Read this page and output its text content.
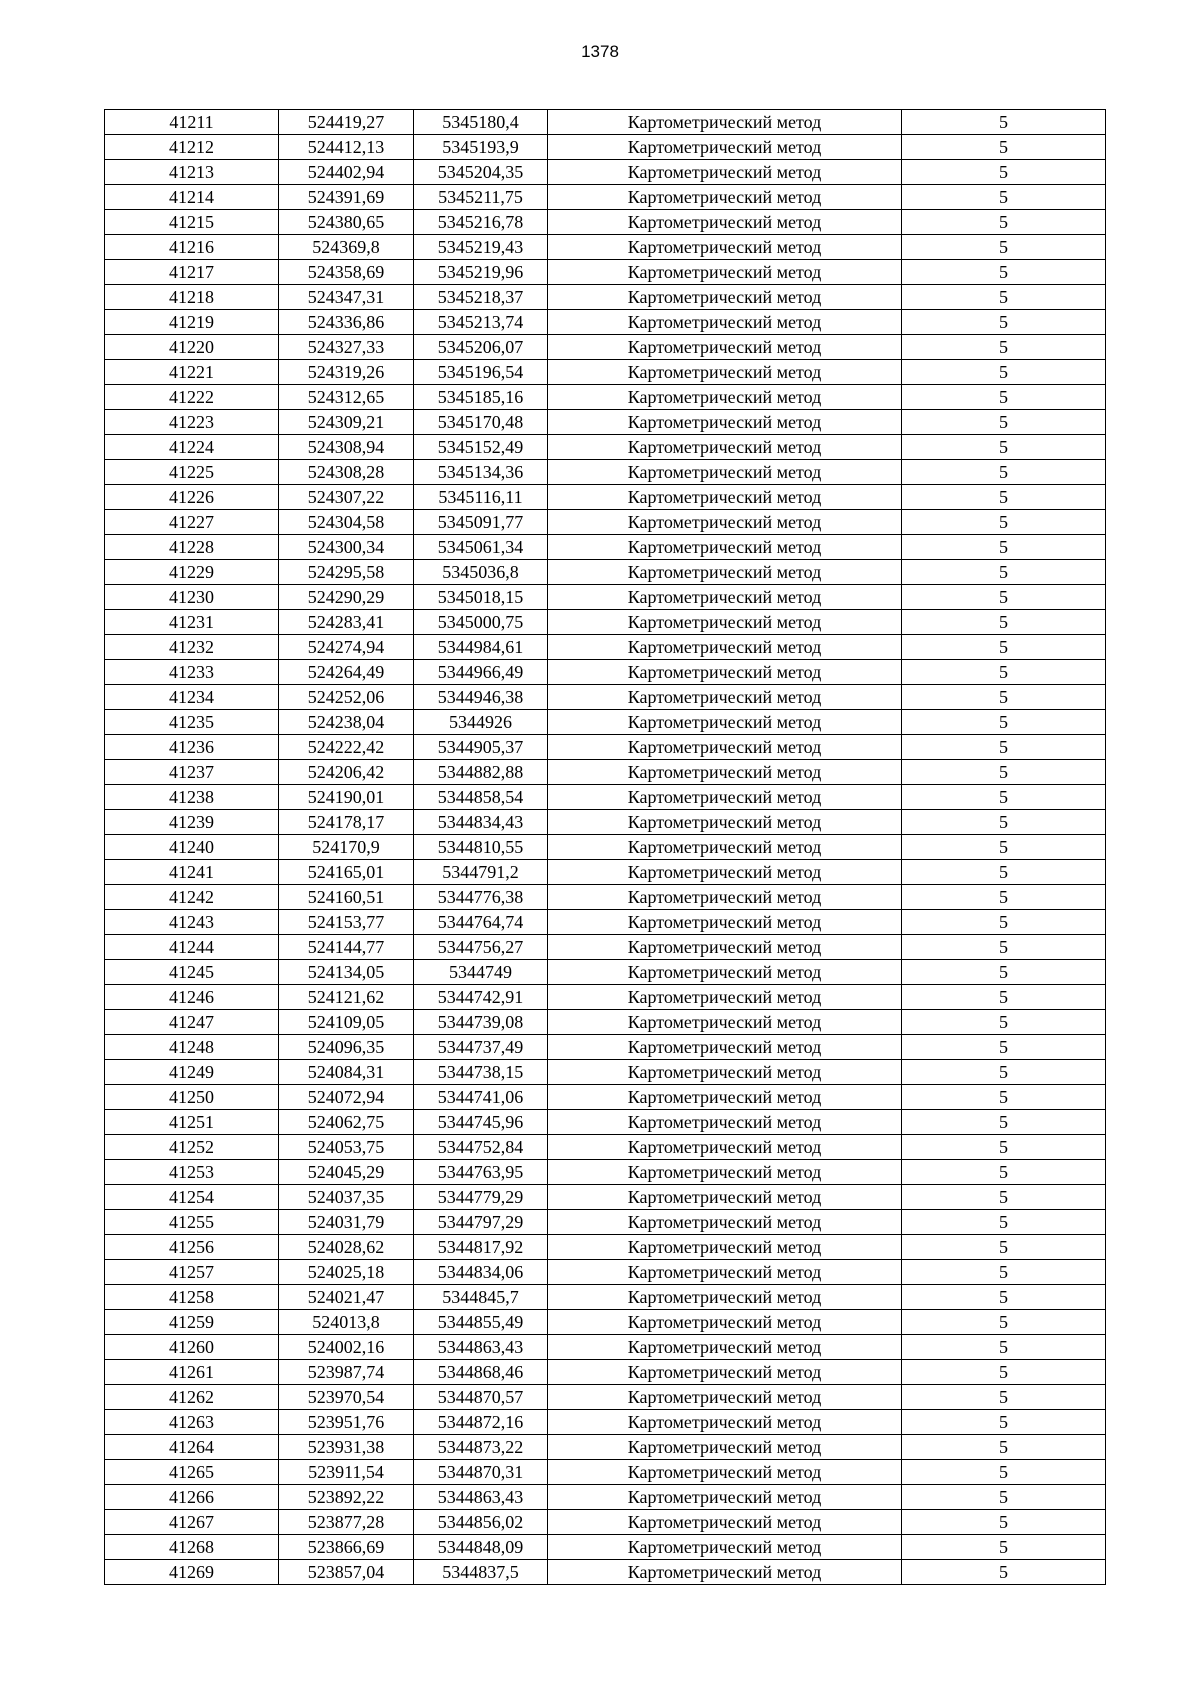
1378
41211	524419,27	5345180,4	Картометрический метод	5
41212	524412,13	5345193,9	Картометрический метод	5
41213	524402,94	5345204,35	Картометрический метод	5
41214	524391,69	5345211,75	Картометрический метод	5
41215	524380,65	5345216,78	Картометрический метод	5
41216	524369,8	5345219,43	Картометрический метод	5
41217	524358,69	5345219,96	Картометрический метод	5
41218	524347,31	5345218,37	Картометрический метод	5
41219	524336,86	5345213,74	Картометрический метод	5
41220	524327,33	5345206,07	Картометрический метод	5
41221	524319,26	5345196,54	Картометрический метод	5
41222	524312,65	5345185,16	Картометрический метод	5
41223	524309,21	5345170,48	Картометрический метод	5
41224	524308,94	5345152,49	Картометрический метод	5
41225	524308,28	5345134,36	Картометрический метод	5
41226	524307,22	5345116,11	Картометрический метод	5
41227	524304,58	5345091,77	Картометрический метод	5
41228	524300,34	5345061,34	Картометрический метод	5
41229	524295,58	5345036,8	Картометрический метод	5
41230	524290,29	5345018,15	Картометрический метод	5
41231	524283,41	5345000,75	Картометрический метод	5
41232	524274,94	5344984,61	Картометрический метод	5
41233	524264,49	5344966,49	Картометрический метод	5
41234	524252,06	5344946,38	Картометрический метод	5
41235	524238,04	5344926	Картометрический метод	5
41236	524222,42	5344905,37	Картометрический метод	5
41237	524206,42	5344882,88	Картометрический метод	5
41238	524190,01	5344858,54	Картометрический метод	5
41239	524178,17	5344834,43	Картометрический метод	5
41240	524170,9	5344810,55	Картометрический метод	5
41241	524165,01	5344791,2	Картометрический метод	5
41242	524160,51	5344776,38	Картометрический метод	5
41243	524153,77	5344764,74	Картометрический метод	5
41244	524144,77	5344756,27	Картометрический метод	5
41245	524134,05	5344749	Картометрический метод	5
41246	524121,62	5344742,91	Картометрический метод	5
41247	524109,05	5344739,08	Картометрический метод	5
41248	524096,35	5344737,49	Картометрический метод	5
41249	524084,31	5344738,15	Картометрический метод	5
41250	524072,94	5344741,06	Картометрический метод	5
41251	524062,75	5344745,96	Картометрический метод	5
41252	524053,75	5344752,84	Картометрический метод	5
41253	524045,29	5344763,95	Картометрический метод	5
41254	524037,35	5344779,29	Картометрический метод	5
41255	524031,79	5344797,29	Картометрический метод	5
41256	524028,62	5344817,92	Картометрический метод	5
41257	524025,18	5344834,06	Картометрический метод	5
41258	524021,47	5344845,7	Картометрический метод	5
41259	524013,8	5344855,49	Картометрический метод	5
41260	524002,16	5344863,43	Картометрический метод	5
41261	523987,74	5344868,46	Картометрический метод	5
41262	523970,54	5344870,57	Картометрический метод	5
41263	523951,76	5344872,16	Картометрический метод	5
41264	523931,38	5344873,22	Картометрический метод	5
41265	523911,54	5344870,31	Картометрический метод	5
41266	523892,22	5344863,43	Картометрический метод	5
41267	523877,28	5344856,02	Картометрический метод	5
41268	523866,69	5344848,09	Картометрический метод	5
41269	523857,04	5344837,5	Картометрический метод	5
